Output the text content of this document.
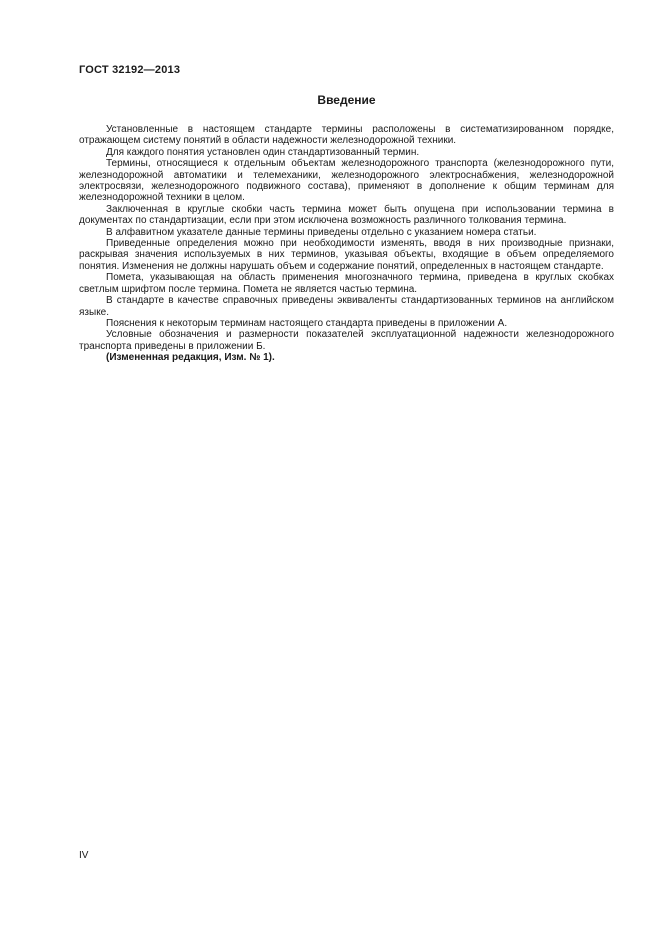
ГОСТ 32192—2013
Введение

Установленные в настоящем стандарте термины расположены в систематизированном порядке, отражающем систему понятий в области надежности железнодорожной техники.

Для каждого понятия установлен один стандартизованный термин.

Термины, относящиеся к отдельным объектам железнодорожного транспорта (железнодорожного пути, железнодорожной автоматики и телемеханики, железнодорожного электроснабжения, железнодорожной электросвязи, железнодорожного подвижного состава), применяют в дополнение к общим терминам для железнодорожной техники в целом.

Заключенная в круглые скобки часть термина может быть опущена при использовании термина в документах по стандартизации, если при этом исключена возможность различного толкования термина.

В алфавитном указателе данные термины приведены отдельно с указанием номера статьи.

Приведенные определения можно при необходимости изменять, вводя в них производные признаки, раскрывая значения используемых в них терминов, указывая объекты, входящие в объем определяемого понятия. Изменения не должны нарушать объем и содержание понятий, определенных в настоящем стандарте.

Помета, указывающая на область применения многозначного термина, приведена в круглых скобках светлым шрифтом после термина. Помета не является частью термина.

В стандарте в качестве справочных приведены эквиваленты стандартизованных терминов на английском языке.

Пояснения к некоторым терминам настоящего стандарта приведены в приложении А.

Условные обозначения и размерности показателей эксплуатационной надежности железнодорожного транспорта приведены в приложении Б.

(Измененная редакция, Изм. № 1).

IV
